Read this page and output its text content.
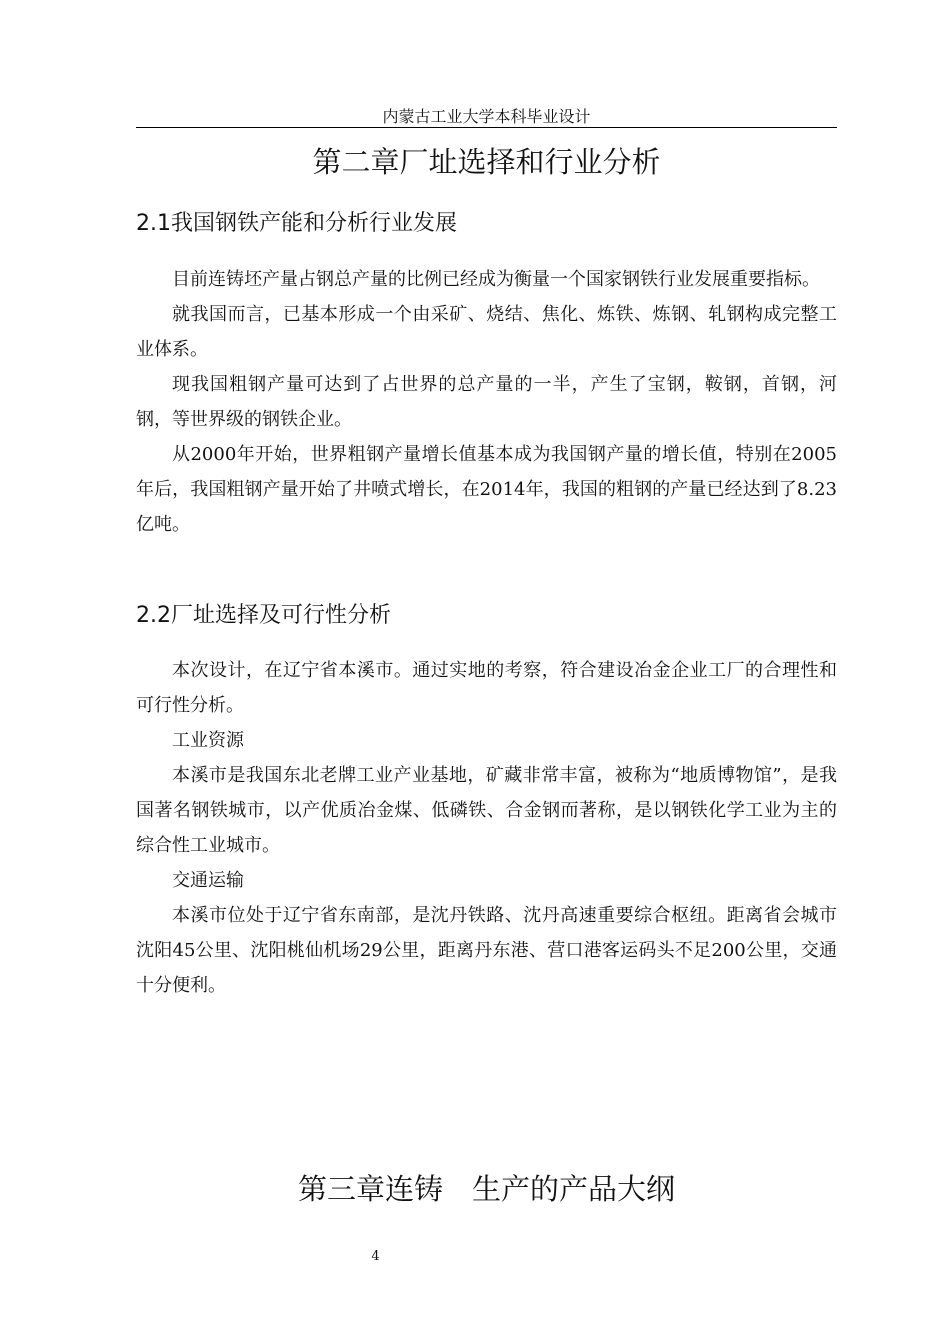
内蒙古工业大学本科毕业设计
第二章厂址选择和行业分析
2.1我国钢铁产能和分析行业发展

目前连铸坯产量占钢总产量的比例已经成为衡量一个国家钢铁行业发展重要指标。

就我国而言，已基本形成一个由采矿、烧结、焦化、炼铁、炼钢、轧钢构成完整工业体系。

现我国粗钢产量可达到了占世界的总产量的一半，产生了宝钢，鞍钢，首钢，河钢，等世界级的钢铁企业。

从2000年开始，世界粗钢产量增长值基本成为我国钢产量的增长值，特别在2005年后，我国粗钢产量开始了井喷式增长，在2014年，我国的粗钢的产量已经达到了8.23亿吨。

2.2厂址选择及可行性分析

本次设计，在辽宁省本溪市。通过实地的考察，符合建设冶金企业工厂的合理性和可行性分析。

工业资源

本溪市是我国东北老牌工业产业基地，矿藏非常丰富，被称为“地质博物馆”，是我国著名钢铁城市，以产优质冶金煤、低磷铁、合金钢而著称，是以钢铁化学工业为主的综合性工业城市。

交通运输

本溪市位处于辽宁省东南部，是沈丹铁路、沈丹高速重要综合枢纽。距离省会城市沈阳45公里、沈阳桃仙机场29公里，距离丹东港、营口港客运码头不足200公里，交通十分便利。

第三章连铸　生产的产品大纲
4
